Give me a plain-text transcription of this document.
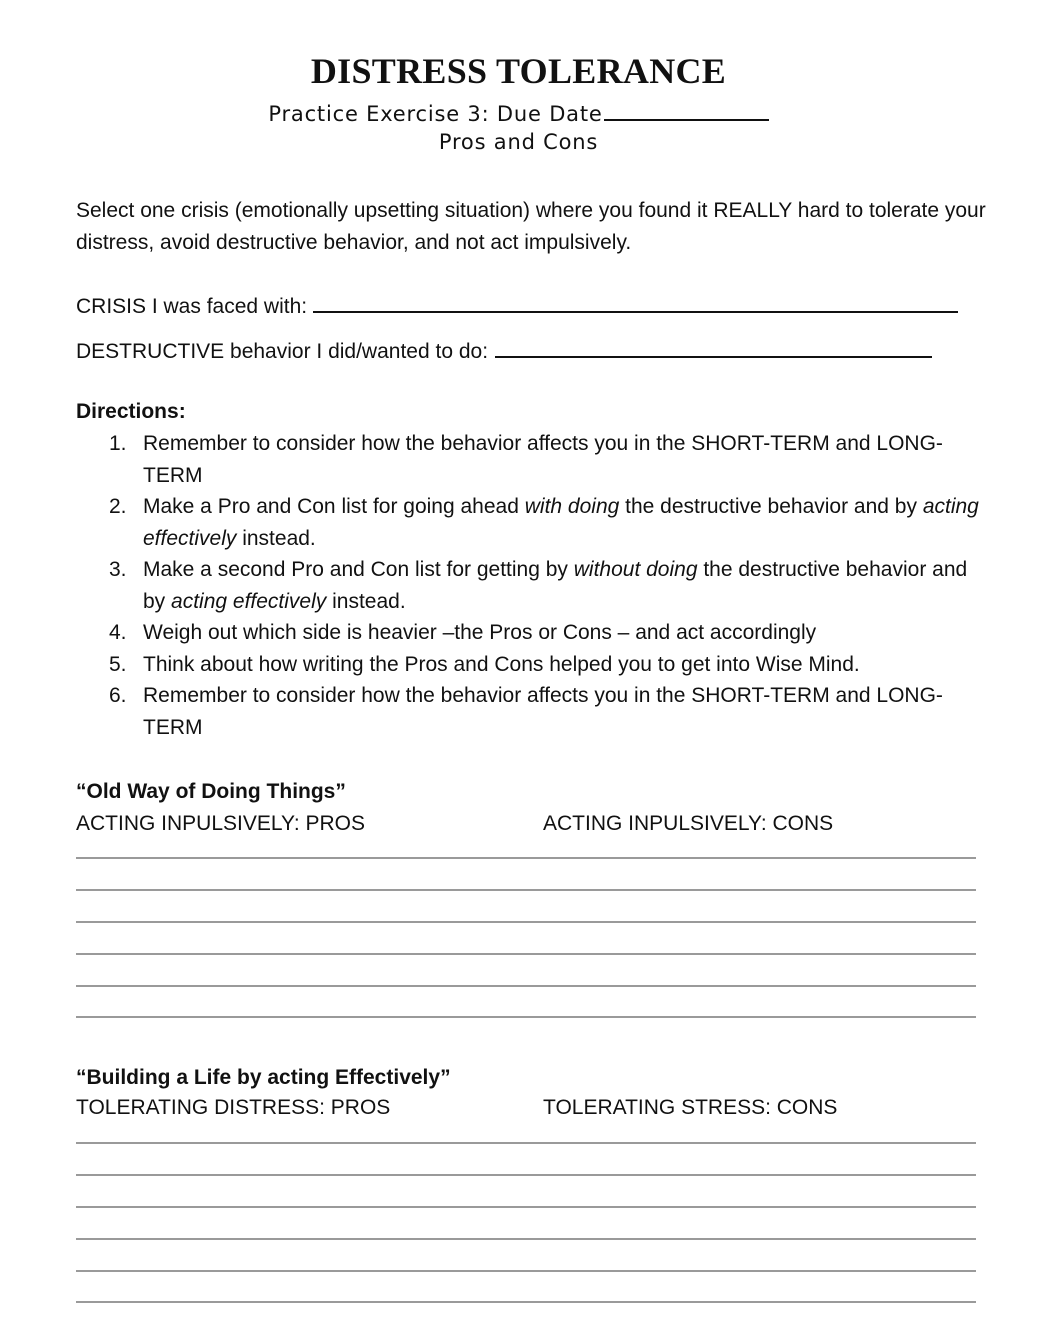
DISTRESS TOLERANCE

Practice Exercise 3: Due Date

Pros and Cons

Select one crisis (emotionally upsetting situation) where you found it REALLY hard to tolerate your distress, avoid destructive behavior, and not act impulsively.

CRISIS I was faced with:
DESTRUCTIVE behavior I did/wanted to do:

Directions:

1. Remember to consider how the behavior affects you in the SHORT-TERM and LONG-TERM
2. Make a Pro and Con list for going ahead with doing the destructive behavior and by acting effectively instead.
3. Make a second Pro and Con list for getting by without doing the destructive behavior and by acting effectively instead.
4. Weigh out which side is heavier –the Pros or Cons – and act accordingly
5. Think about how writing the Pros and Cons helped you to get into Wise Mind.
6. Remember to consider how the behavior affects you in the SHORT-TERM and LONG-TERM

“Old Way of Doing Things”

ACTING INPULSIVELY: PROS	ACTING INPULSIVELY: CONS

“Building a Life by acting Effectively”

TOLERATING DISTRESS: PROS	TOLERATING STRESS: CONS
